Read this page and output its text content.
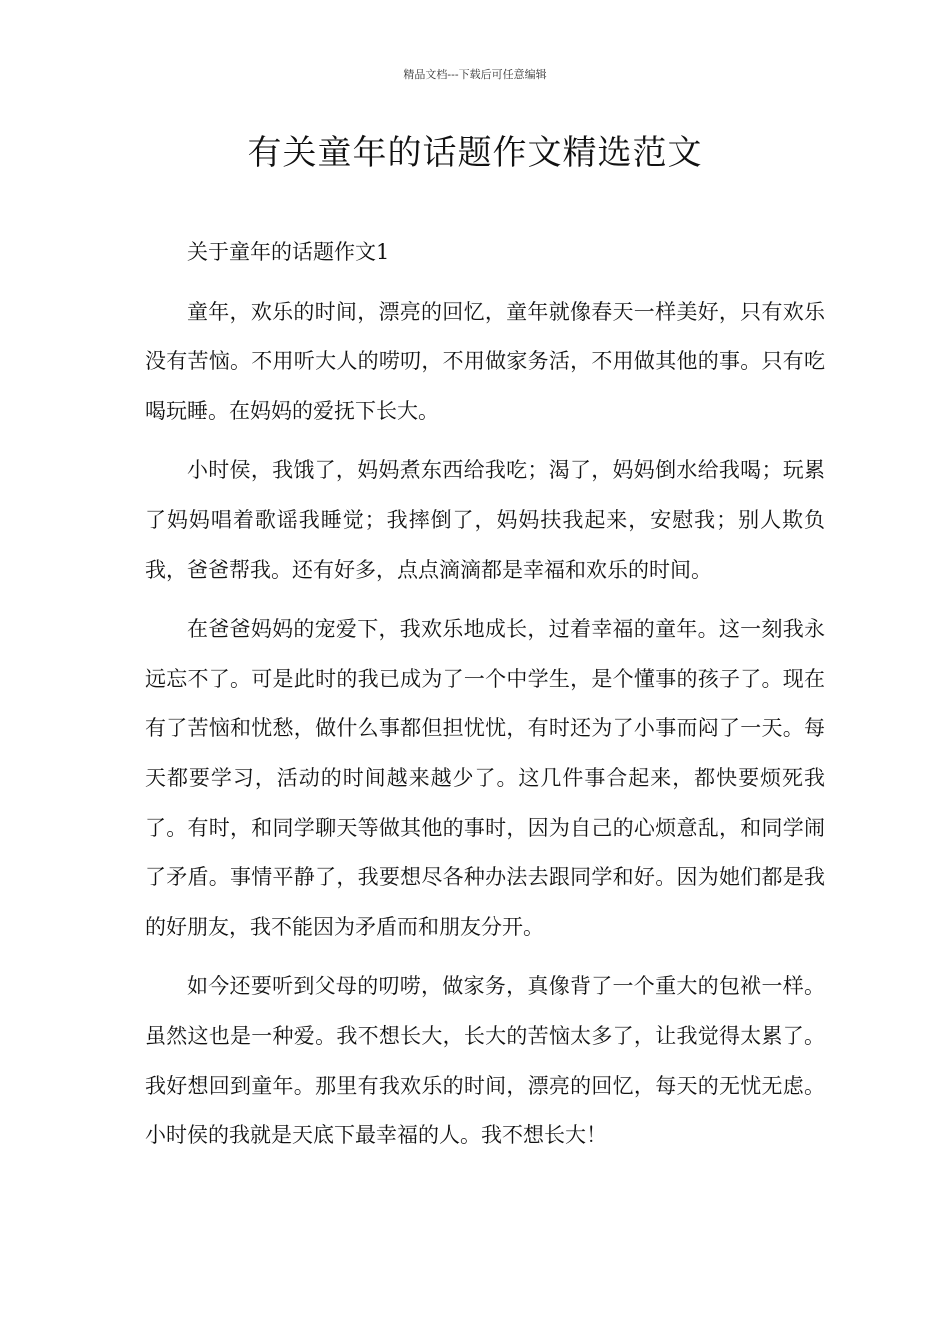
精品文档---下载后可任意编辑
有关童年的话题作文精选范文

关于童年的话题作文1

童年，欢乐的时间，漂亮的回忆，童年就像春天一样美好，只有欢乐没有苦恼。不用听大人的唠叨，不用做家务活，不用做其他的事。只有吃喝玩睡。在妈妈的爱抚下长大。

小时侯，我饿了，妈妈煮东西给我吃；渴了，妈妈倒水给我喝；玩累了妈妈唱着歌谣我睡觉；我摔倒了，妈妈扶我起来，安慰我；别人欺负我，爸爸帮我。还有好多，点点滴滴都是幸福和欢乐的时间。

在爸爸妈妈的宠爱下，我欢乐地成长，过着幸福的童年。这一刻我永远忘不了。可是此时的我已成为了一个中学生，是个懂事的孩子了。现在有了苦恼和忧愁，做什么事都但担忧忧，有时还为了小事而闷了一天。每天都要学习，活动的时间越来越少了。这几件事合起来，都快要烦死我了。有时，和同学聊天等做其他的事时，因为自己的心烦意乱，和同学闹了矛盾。事情平静了，我要想尽各种办法去跟同学和好。因为她们都是我的好朋友，我不能因为矛盾而和朋友分开。

如今还要听到父母的叨唠，做家务，真像背了一个重大的包袱一样。虽然这也是一种爱。我不想长大，长大的苦恼太多了，让我觉得太累了。我好想回到童年。那里有我欢乐的时间，漂亮的回忆，每天的无忧无虑。小时侯的我就是天底下最幸福的人。我不想长大！
